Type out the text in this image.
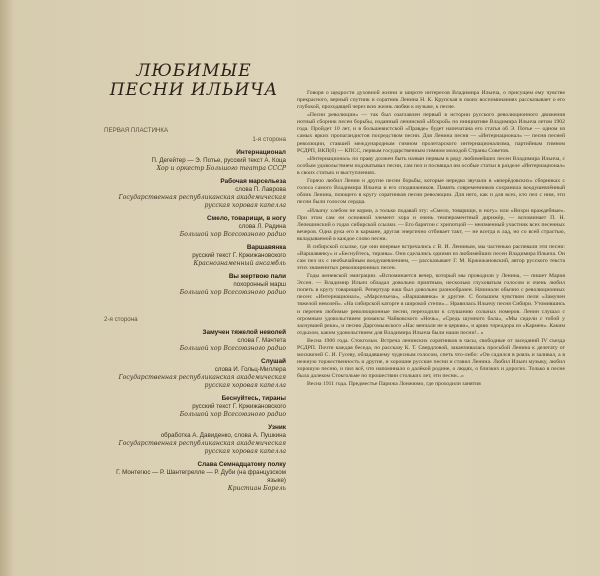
ЛЮБИМЫЕ ПЕСНИ ИЛЬИЧА
ПЕРВАЯ ПЛАСТИНКА
1-я сторона
Интернационал
П. Дегейтер — Э. Потье, русский текст А. Коца
Хор и оркестр Большого театра СССР
Рабочая марсельеза
слова П. Лаврова
Государственная республиканская академическая русская хоровая капелла
Смело, товарищи, в ногу
слова Л. Радина
Большой хор Всесоюзного радио
Варшавянка
русский текст Г. Кржижановского
Краснознаменный ансамбль
Вы жертвою пали
похоронный марш
Большой хор Всесоюзного радио
2-я сторона
Замучен тяжелой неволей
слова Г. Мачтета
Большой хор Всесоюзного радио
Слушай
слова И. Гольц-Миллера
Государственная республиканская академическая русская хоровая капелла
Беснуйтесь, тираны
русский текст Г. Кржижановского
Большой хор Всесоюзного радио
Узник
обработка А. Давиденко, слова А. Пушкина
Государственная республиканская академическая русская хоровая капелла
Слава Семнадцатому полку
Г. Монтегюс — Р. Шантегрелле — Р. Дуби (на французском языке)
Кристиан Борель

Говоря о щедрости духовной жизни и широте интересов Владимира Ильича, о присущем ему чувстве прекрасного, верный спутник и соратник Ленина Н. К. Крупская в своих воспоминаниях рассказывает о его глубокой, проходящей через всю жизнь любви к музыке, к песне.

«Песни революции» — так был озаглавлен первый в истории русского революционного движения нотный сборник песен борьбы, изданный ленинской «Искрой» по инициативе Владимира Ильича летом 1902 года. Пройдет 10 лет, и в большевистской «Правде» будет напечатана его статья об Э. Потье — одном из самых ярких пропагандистов посредством песни. Для Ленина песня — «Интернационал» — песня песней революции, ставшей международным гимном пролетарского интернационализма, партийным гимном РСДРП, ВКП(б) — КПСС, первым государственным гимном молодой Страны Советов.

«Интернационал» по праву должен быть назван первым в ряду любимейших песен Владимира Ильича, с особым удовольствием подхватывал песни, сам пел и посвящал им особые статьи в разделе «Интернационал» в своих статьях и выступлениях.

Горячо любил Ленин и другие песни борьбы, которые нередко звучали в «вперёдовских» сборниках с голоса самого Владимира Ильича и его сподвижников. Память современников сохранила воодушевлённый облик Ленина, поющего в кругу соратников песни революции. Для него, как и для всех, кто пел с ним, эти песни были голосом сердца.

«Ильичу хлебом не корми, а только подавай эту: «Смело, товарищи, в ногу» или «Вихри враждебные». При этом сам он основной элемент хора и очень темпераментный дирижёр, — вспоминает П. Н. Лепешинский о годах сибирской ссылки. — Его баритон с хрипотцой — неизменный участник всех песенных вечеров. Одна рука его в кармане, другая энергично отбивает такт, — не всегда в лад, но со всей страстью, вкладываемой в каждое слово песни.

В сибирской ссылке, где они впервые встречались с В. И. Лениным, мы частенько распевали эти песни: «Варшавянку» и «Беснуйтесь, тираны». Они сделались одними из любимейших песен Владимира Ильича. Он сам пел их с необычайным воодушевлением, — рассказывает Г. М. Кржижановский, автор русского текста этих знаменитых революционных песен.

Годы женевской эмиграции. «Вспоминается вечер, который мы проводили у Ленина, — пишет Мария Эссен. — Владимир Ильич обладал довольно приятным, несколько глуховатым голосом и очень любил попеть в кругу товарищей. Репертуар наш был довольно разнообразен. Начинали обычно с революционных песен: «Интернационал», «Марсельеза», «Варшавянка» и другие. С большим чувством пели «Замучен тяжелой неволей». «На сибирской каторге в широкой степи»... Нравилась Ильичу песня Сибири. Утомившись и перепев любимые революционные песни, переходили к слушанию сольных номеров. Ленин слушал с огромным удовольствием романсы Чайковского «Ночь», «Средь шумного бала», «Мы сидели с тобой у заснувшей реки», и песню Даргомыжского «Нас венчали не в церкви», и арию тореадора из «Кармен». Каким отдыхом, каким удовольствием для Владимира Ильича были наши песни!.. »

Весна 1906 года. Стокгольм. Встреча ленинских соратников в часы, свободные от заседаний IV съезда РСДРП. Почти каждая беседа, по рассказу К. Т. Свердловой, заканчивалась просьбой Ленина к делегату от москвичей С. И. Гусеву, обладавшему чудесным голосом, спеть что-либо: «Он садился в рояль и заливал, а в нежную торжественность и другие, и хорошие русские песни и ставил Ленина. Любил Ильич музыку, любил хорошую песню, и пил всё, что напоминало о далёкой родине, о людях, о близких и дорогих. Только в песне была далеком Стокгольме по прошествии стольких лет, эти песни...»

Весна 1911 года. Предместье Парижа Лонжюмо, где проходили занятия
